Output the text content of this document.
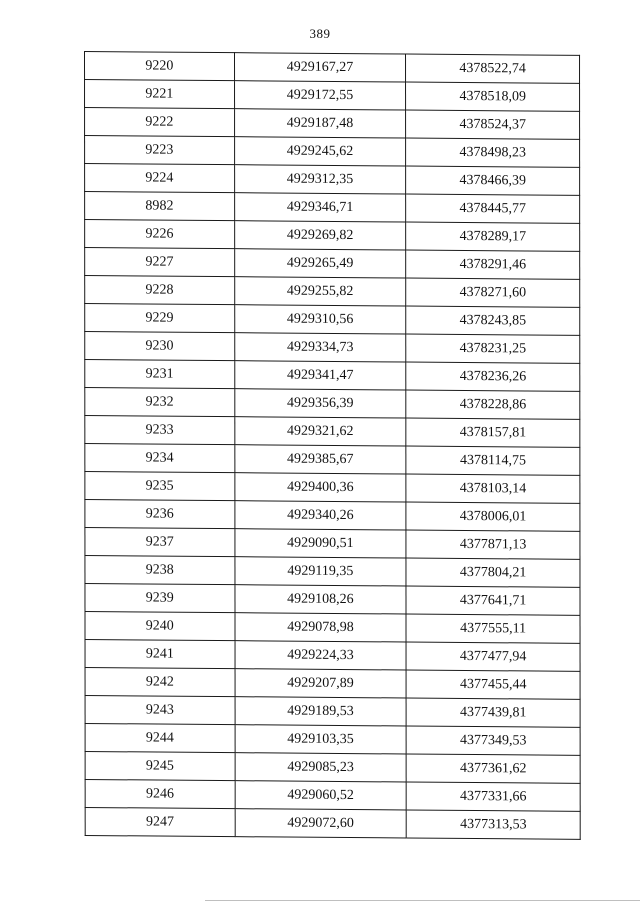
389
9220	4929167,27	4378522,74
9221	4929172,55	4378518,09
9222	4929187,48	4378524,37
9223	4929245,62	4378498,23
9224	4929312,35	4378466,39
8982	4929346,71	4378445,77
9226	4929269,82	4378289,17
9227	4929265,49	4378291,46
9228	4929255,82	4378271,60
9229	4929310,56	4378243,85
9230	4929334,73	4378231,25
9231	4929341,47	4378236,26
9232	4929356,39	4378228,86
9233	4929321,62	4378157,81
9234	4929385,67	4378114,75
9235	4929400,36	4378103,14
9236	4929340,26	4378006,01
9237	4929090,51	4377871,13
9238	4929119,35	4377804,21
9239	4929108,26	4377641,71
9240	4929078,98	4377555,11
9241	4929224,33	4377477,94
9242	4929207,89	4377455,44
9243	4929189,53	4377439,81
9244	4929103,35	4377349,53
9245	4929085,23	4377361,62
9246	4929060,52	4377331,66
9247	4929072,60	4377313,53
